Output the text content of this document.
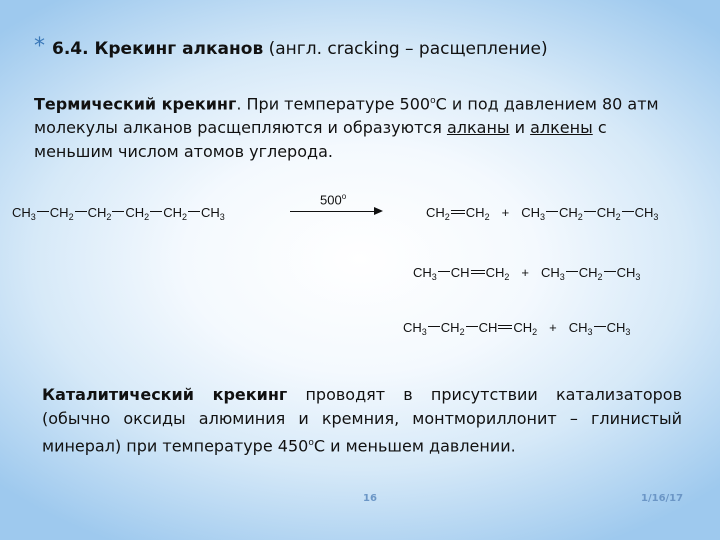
* 6.4. Крекинг алканов (англ. cracking – расщепление)
Термический крекинг. При температуре $500^оС$ и под давлением 80 атм молекулы алканов расщепляются и образуются алканы и алкены с меньшим числом атомов углерода.
$CH_3$ $CH_2$ $CH_2$ $CH_2$ $CH_2$ $CH_3$
$500^о$
$CH_2$ $CH_2 + CH_3$ $CH_2$ $CH_2$ $CH_3$
$CH_3$ CH $CH_2 + CH_3$ $CH_2$ $CH_3$
$CH_3$ $CH_2$ CH $CH_2 + CH_3$ $CH_3$
Каталитический крекинг проводят в присутствии катализаторов (обычно оксиды алюминия и кремния, монтмориллонит – глинистый минерал) при температуре $450^оС$ и меньшем давлении.
16	1/16/17
